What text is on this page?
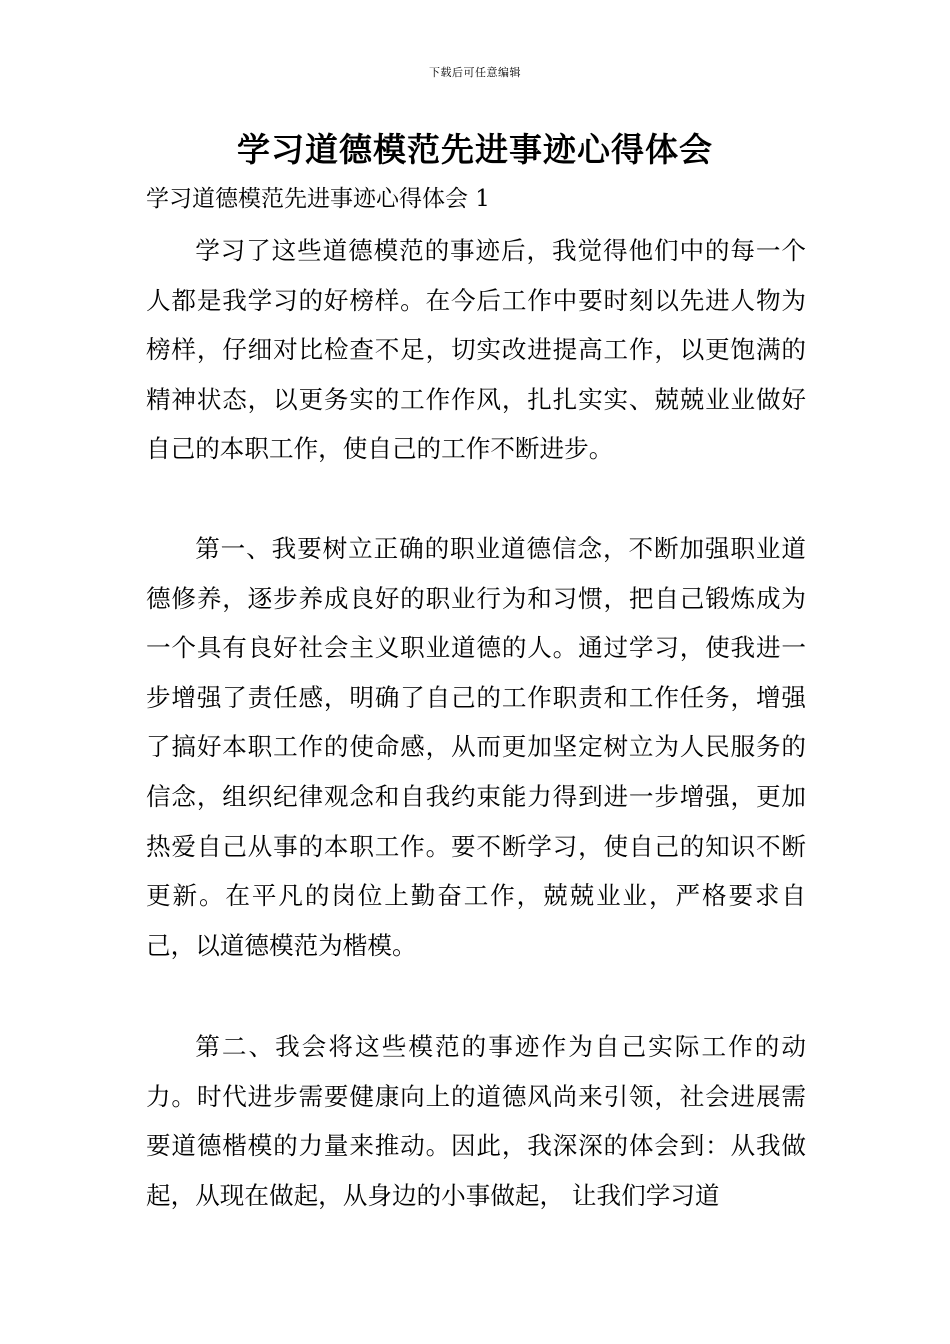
下载后可任意编辑
学习道德模范先进事迹心得体会
学习道德模范先进事迹心得体会 1

学习了这些道德模范的事迹后，我觉得他们中的每一个人都是我学习的好榜样。在今后工作中要时刻以先进人物为榜样，仔细对比检查不足，切实改进提高工作，以更饱满的精神状态，以更务实的工作作风，扎扎实实、兢兢业业做好自己的本职工作，使自己的工作不断进步。

第一、我要树立正确的职业道德信念，不断加强职业道德修养，逐步养成良好的职业行为和习惯，把自己锻炼成为一个具有良好社会主义职业道德的人。通过学习，使我进一步增强了责任感，明确了自己的工作职责和工作任务，增强了搞好本职工作的使命感，从而更加坚定树立为人民服务的信念，组织纪律观念和自我约束能力得到进一步增强，更加热爱自己从事的本职工作。要不断学习，使自己的知识不断更新。在平凡的岗位上勤奋工作，兢兢业业，严格要求自己，以道德模范为楷模。

第二、我会将这些模范的事迹作为自己实际工作的动力。时代进步需要健康向上的道德风尚来引领，社会进展需要道德楷模的力量来推动。因此，我深深的体会到：从我做起，从现在做起，从身边的小事做起， 让我们学习道
